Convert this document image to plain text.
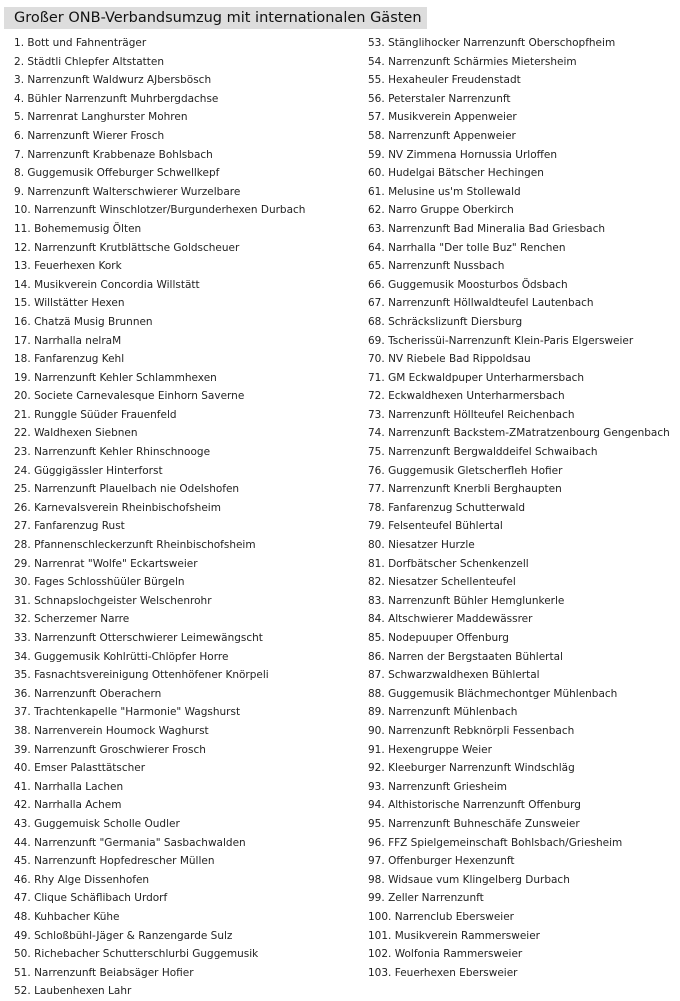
Großer ONB-Verbandsumzug mit internationalen Gästen
1 . Bott und Fahnenträger
2 . Städtli Chlepfer Altstatten
3 . Narrenzunft Waldwurz AJbersbösch
4 . Bühler Narrenzunft Muhrbergdachse
5 . Narrenrat Langhurster Mohren
6 . Narrenzunft Wierer Frosch
7 . Narrenzunft Krabbenaze Bohlsbach
8 . Guggemusik Offeburger Schwellkepf
9 . Narrenzunft Walterschwierer Wurzelbare
10 . Narrenzunft Winschlotzer/Burgunderhexen Durbach
11 . Bohememusig Ölten
12 . Narrenzunft Krutblättsche Goldscheuer
13 . Feuerhexen Kork
14 . Musikverein Concordia Willstätt
15 . Willstätter Hexen
16 . Chatzä Musig Brunnen
17 . Narrhalla nelraM
18 . Fanfarenzug Kehl
19 . Narrenzunft Kehler Schlammhexen
20 . Societe Carnevalesque Einhorn Saverne
21 . Rungglе Süüder Frauenfeld
22 . Waldhexen Siebnen
23 . Narrenzunft Kehler Rhinschnooge
24 . Güggigässler Hinterforst
25 . Narrenzunft Plauelbach nie Odelshofen
26 . Karnevalsverein Rheinbischofsheim
27 . Fanfarenzug Rust
28 . Pfannenschleckerzunft Rheinbischofsheim
29 . Narrenrat "Wolfe" Eckartsweier
30 . Fages Schlosshüüler Bürgeln
31 . Schnapslochgeister Welschenrohr
32 . Scherzemer Narre
33 . Narrenzunft Otterschwierer Leimewängscht
34 . Guggemusik Kohlrütti-Chlöpfer Horre
35 . Fasnachtsvereinigung Ottenhöfener Knörpeli
36 . Narrenzunft Oberachern
37 . Trachtenkapelle "Harmonie" Wagshurst
38 . Narrenverein Houmock Waghurst
39 . Narrenzunft Groschwierer Frosch
40 . Emser Palasttätscher
41 . Narrhalla Lachen
42 . Narrhalla Achem
43 . Guggemuisk Scholle Oudler
44 . Narrenzunft "Germania" Sasbachwalden
45 . Narrenzunft Hopfedrescher Müllen
46 . Rhy Alge Dissenhofen
47 . Clique Schäflibach Urdorf
48 . Kuhbacher Kühe
49 . Schloßbühl-Jäger & Ranzengarde Sulz
50 . Richebacher Schutterschlurbi Guggemusik
51 . Narrenzunft Beiabsäger Hofier
52 . Laubenhexen Lahr
53 . Stänglihocker Narrenzunft Oberschopfheim
54 . Narrenzunft Schärmies Mietersheim
55 . Hexaheuler Freudenstadt
56 . Peterstaler Narrenzunft
57 . Musikverein Appenweier
58 . Narrenzunft Appenweier
59 . NV Zimmena Hornussia Urloffen
60 . Hudelgai Bätscher Hechingen
61 . Melusine us'm Stollewald
62 . Narro Gruppe Oberkirch
63 . Narrenzunft Bad Mineralia Bad Griesbach
64 . Narrhalla "Der tolle Buz" Renchen
65 . Narrenzunft Nussbach
66 . Guggemusik Moosturbos Ödsbach
67 . Narrenzunft Höllwaldteufel Lautenbach
68 . Schräckslizunft Diersburg
69 . Tscherissüi-Narrenzunft Klein-Paris Elgersweier
70 . NV Riebele Bad Rippoldsau
71 . GM Eckwaldpuper Unterharmersbach
72 . Eckwaldhexen Unterharmersbach
73 . Narrenzunft Höllteufel Reichenbach
74 . Narrenzunft Backstem-ZMatratzenbourg Gengenbach
75 . Narrenzunft Bergwalddeifel Schwaibach
76 . Guggemusik Gletscherfleh Hofier
77 . Narrenzunft Knerbli Berghaupten
78 . Fanfarenzug Schutterwald
79 . Felsenteufel Bühlertal
80 . Niesatzer Hurzle
81 . Dorfbätscher Schenkenzell
82 . Niesatzer Schellenteufel
83 . Narrenzunft Bühler Hemglunkerle
84 . Altschwierer Maddewässrer
85 . Nodepuuper Offenburg
86 . Narren der Bergstaaten Bühlertal
87 . Schwarzwaldhexen Bühlertal
88 . Guggemusik Blächmechontger Mühlenbach
89 . Narrenzunft Mühlenbach
90 . Narrenzunft Rebknörpli Fessenbach
91 . Hexengruppe Weier
92 . Kleeburger Narrenzunft Windschläg
93 . Narrenzunft Griesheim
94 . Althistorische Narrenzunft Offenburg
95 . Narrenzunft Buhneschäfe Zunsweier
96 . FFZ Spielgemeinschaft Bohlsbach/Griesheim
97 . Offenburger Hexenzunft
98 . Widsaue vum Klingelberg Durbach
99 . Zeller Narrenzunft
100 . Narrenclub Ebersweier
101 . Musikverein Rammersweier
102 . Wolfonia Rammersweier
103 . Feuerhexen Ebersweier
